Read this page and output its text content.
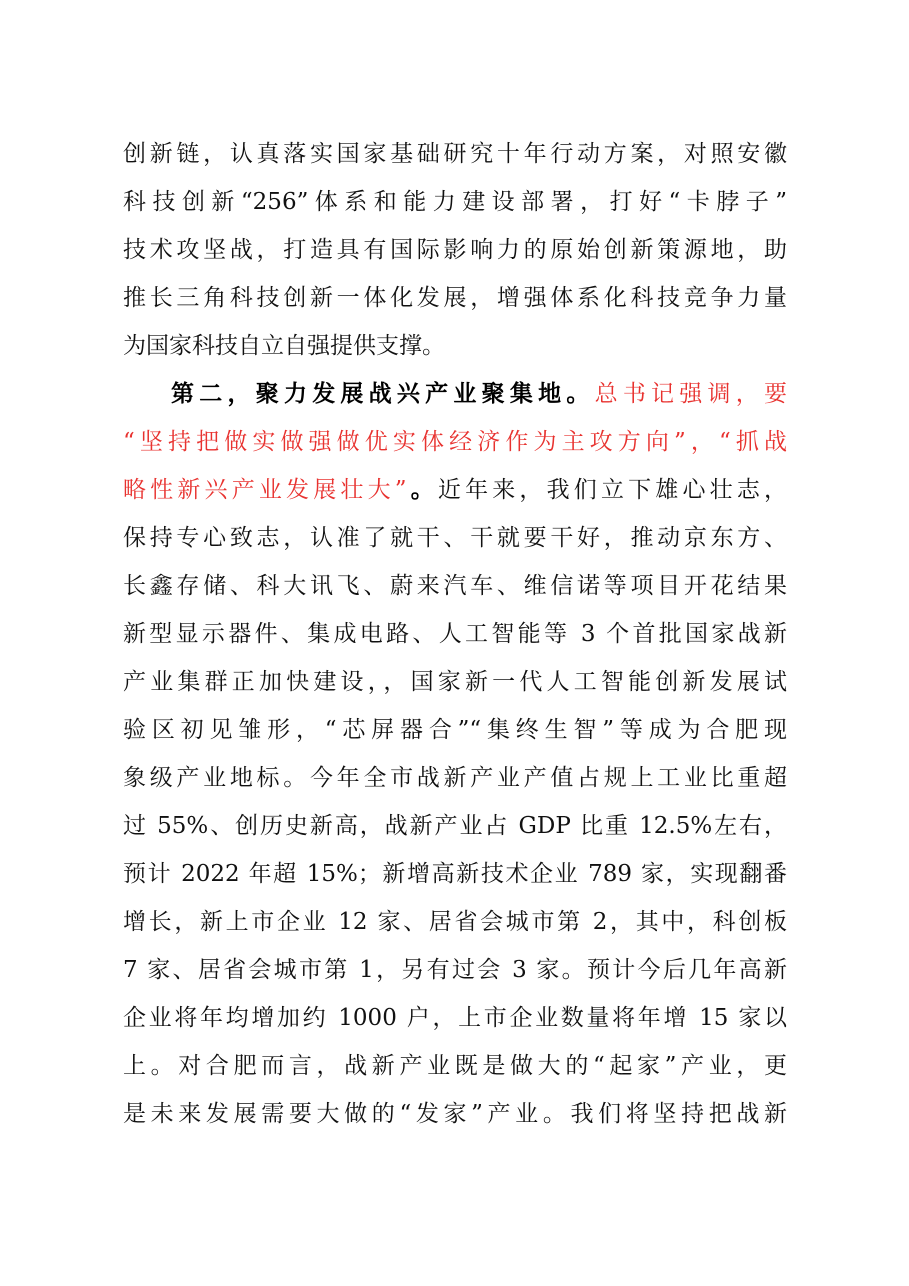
创新链，认真落实国家基础研究十年行动方案，对照安徽
科技创新“256”体系和能力建设部署，打好“卡脖子”
技术攻坚战，打造具有国际影响力的原始创新策源地，助
推长三角科技创新一体化发展，增强体系化科技竞争力量
为国家科技自立自强提供支撑。
第二，聚力发展战兴产业聚集地。总书记强调，要
“坚持把做实做强做优实体经济作为主攻方向”，“抓战
略性新兴产业发展壮大”。近年来，我们立下雄心壮志，
保持专心致志，认准了就干、干就要干好，推动京东方、
长鑫存储、科大讯飞、蔚来汽车、维信诺等项目开花结果
新型显示器件、集成电路、人工智能等 3 个首批国家战新
产业集群正加快建设，，国家新一代人工智能创新发展试
验区初见雏形，“芯屏器合”“集终生智”等成为合肥现
象级产业地标。今年全市战新产业产值占规上工业比重超
过 55%、创历史新高，战新产业占 GDP 比重 12.5%左右，
预计 2022 年超 15%；新增高新技术企业 789 家，实现翻番
增长，新上市企业 12 家、居省会城市第 2，其中，科创板
7 家、居省会城市第 1，另有过会 3 家。预计今后几年高新
企业将年均增加约 1000 户，上市企业数量将年增 15 家以
上。对合肥而言，战新产业既是做大的“起家”产业，更
是未来发展需要大做的“发家”产业。我们将坚持把战新
